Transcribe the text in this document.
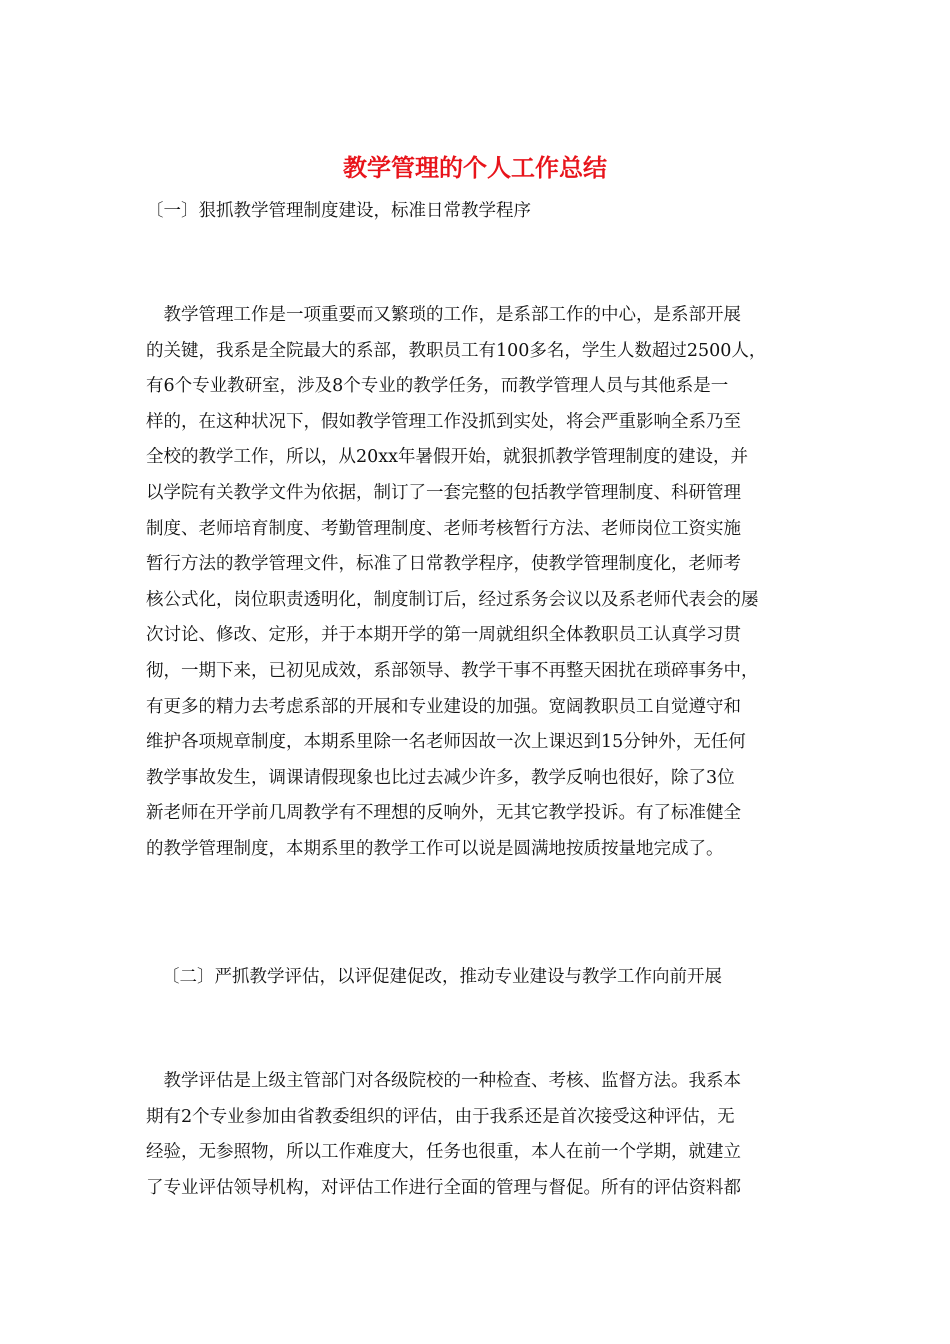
教学管理的个人工作总结

〔一〕狠抓教学管理制度建设，标准日常教学程序

　教学管理工作是一项重要而又繁琐的工作，是系部工作的中心，是系部开展
的关键，我系是全院最大的系部，教职员工有100多名，学生人数超过2500人，
有6个专业教研室，涉及8个专业的教学任务，而教学管理人员与其他系是一
样的，在这种状况下，假如教学管理工作没抓到实处，将会严重影响全系乃至
全校的教学工作，所以，从20xx年暑假开始，就狠抓教学管理制度的建设，并
以学院有关教学文件为依据，制订了一套完整的包括教学管理制度、科研管理
制度、老师培育制度、考勤管理制度、老师考核暂行方法、老师岗位工资实施
暂行方法的教学管理文件，标准了日常教学程序，使教学管理制度化，老师考
核公式化，岗位职责透明化，制度制订后，经过系务会议以及系老师代表会的屡
次讨论、修改、定形，并于本期开学的第一周就组织全体教职员工认真学习贯
彻，一期下来，已初见成效，系部领导、教学干事不再整天困扰在琐碎事务中，
有更多的精力去考虑系部的开展和专业建设的加强。宽阔教职员工自觉遵守和
维护各项规章制度，本期系里除一名老师因故一次上课迟到15分钟外，无任何
教学事故发生，调课请假现象也比过去减少许多，教学反响也很好，除了3位
新老师在开学前几周教学有不理想的反响外，无其它教学投诉。有了标准健全
的教学管理制度，本期系里的教学工作可以说是圆满地按质按量地完成了。

〔二〕严抓教学评估，以评促建促改，推动专业建设与教学工作向前开展

　教学评估是上级主管部门对各级院校的一种检查、考核、监督方法。我系本
期有2个专业参加由省教委组织的评估，由于我系还是首次接受这种评估，无
经验，无参照物，所以工作难度大，任务也很重，本人在前一个学期，就建立
了专业评估领导机构，对评估工作进行全面的管理与督促。所有的评估资料都
